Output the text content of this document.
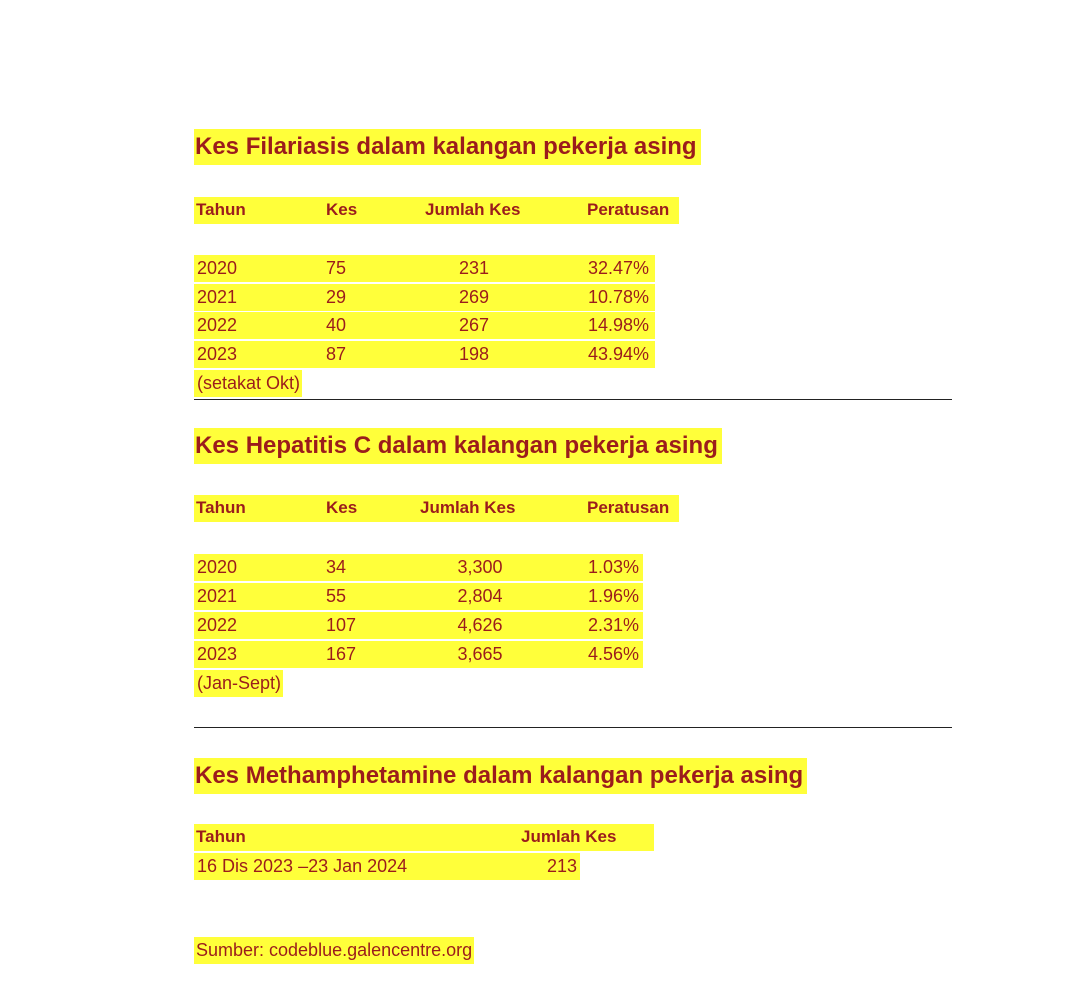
Kes Filariasis dalam kalangan pekerja asing
Tahun	Kes	Jumlah Kes	Peratusan
2020	75	231	32.47%
2021	29	269	10.78%
2022	40	267	14.98%
2023	87	198	43.94%
(setakat Okt)
Kes Hepatitis C dalam kalangan pekerja asing
Tahun	Kes	Jumlah Kes	Peratusan
2020	34	3,300	1.03%
2021	55	2,804	1.96%
2022	107	4,626	2.31%
2023	167	3,665	4.56%
(Jan-Sept)
Kes Methamphetamine dalam kalangan pekerja asing
Tahun	Jumlah Kes
16 Dis 2023 –23 Jan 2024	213
Sumber: codeblue.galencentre.org
